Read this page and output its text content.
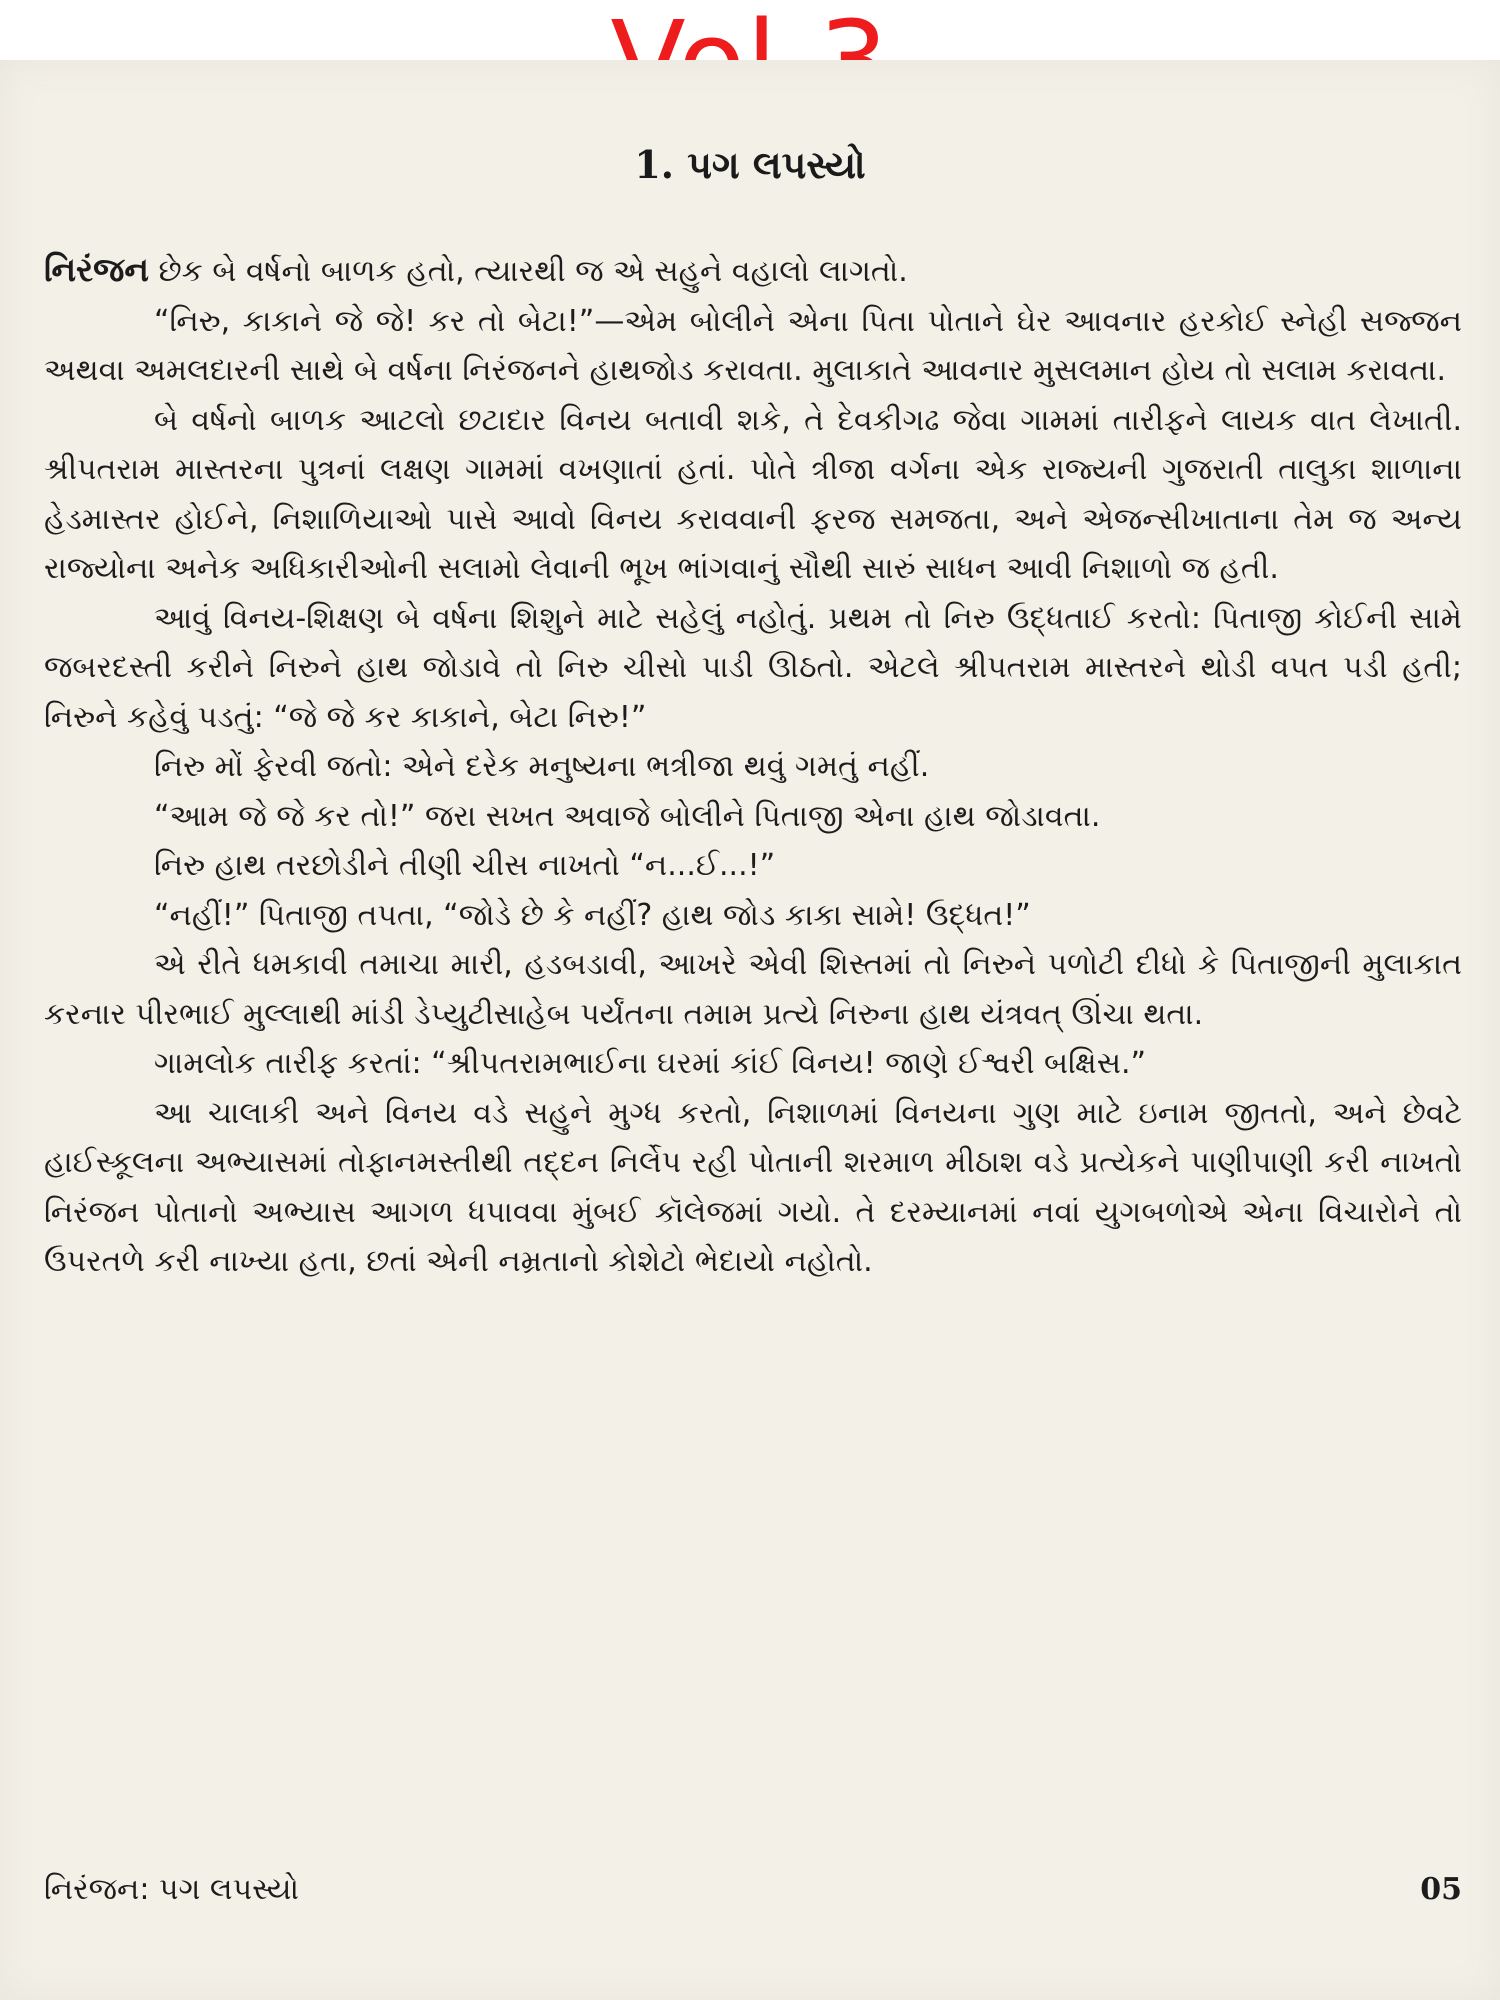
1. પગ લપસ્યો

નિરંજન છેક બે વર્ષનો બાળક હતો, ત્યારથી જ એ સહુને વહાલો લાગતો.

“નિરુ, કાકાને જે જે! કર તો બેટા!”—એમ બોલીને એના પિતા પોતાને ઘેર આવનાર હરકોઈ સ્નેહી સજ્જન અથવા અમલદારની સાથે બે વર્ષના નિરંજનને હાથજોડ કરાવતા. મુલાકાતે આવનાર મુસલમાન હોય તો સલામ કરાવતા.

બે વર્ષનો બાળક આટલો છટાદાર વિનય બતાવી શકે, તે દેવકીગઢ જેવા ગામમાં તારીફને લાયક વાત લેખાતી. શ્રીપતરામ માસ્તરના પુત્રનાં લક્ષણ ગામમાં વખણાતાં હતાં. પોતે ત્રીજા વર્ગના એક રાજ્યની ગુજરાતી તાલુકા શાળાના હેડમાસ્તર હોઈને, નિશાળિયાઓ પાસે આવો વિનય કરાવવાની ફરજ સમજતા, અને એજન્સીખાતાના તેમ જ અન્ય રાજ્યોના અનેક અધિકારીઓની સલામો લેવાની ભૂખ ભાંગવાનું સૌથી સારું સાધન આવી નિશાળો જ હતી.

આવું વિનય-શિક્ષણ બે વર્ષના શિશુને માટે સહેલું નહોતું. પ્રથમ તો નિરુ ઉદ્ધતાઈ કરતો: પિતાજી કોઈની સામે જબરદસ્તી કરીને નિરુને હાથ જોડાવે તો નિરુ ચીસો પાડી ઊઠતો. એટલે શ્રીપતરામ માસ્તરને થોડી વપત પડી હતી; નિરુને કહેવું પડતું: “જે જે કર કાકાને, બેટા નિરુ!”

નિરુ મોં ફેરવી જતો: એને દરેક મનુષ્યના ભત્રીજા થવું ગમતું નહીં.

“આમ જે જે કર તો!” જરા સખત અવાજે બોલીને પિતાજી એના હાથ જોડાવતા.

નિરુ હાથ તરછોડીને તીણી ચીસ નાખતો “ન...ઈ...!”

“નહીં!” પિતાજી તપતા, “જોડે છે કે નહીં? હાથ જોડ કાકા સામે! ઉદ્ધત!”

એ રીતે ધમકાવી તમાચા મારી, હડબડાવી, આખરે એવી શિસ્તમાં તો નિરુને પળોટી દીધો કે પિતાજીની મુલાકાત કરનાર પીરભાઈ મુલ્લાથી માંડી ડેપ્યુટીસાહેબ પર્યંતના તમામ પ્રત્યે નિરુના હાથ યંત્રવત્ ઊંચા થતા.

ગામલોક તારીફ કરતાં: “શ્રીપતરામભાઈના ઘરમાં કાંઈ વિનય! જાણે ઈશ્વરી બક્ષિસ.”

આ ચાલાકી અને વિનય વડે સહુને મુગ્ધ કરતો, નિશાળમાં વિનયના ગુણ માટે ઇનામ જીતતો, અને છેવટે હાઈસ્કૂલના અભ્યાસમાં તોફાનમસ્તીથી તદ્દન નિર્લેપ રહી પોતાની શરમાળ મીઠાશ વડે પ્રત્યેકને પાણીપાણી કરી નાખતો નિરંજન પોતાનો અભ્યાસ આગળ ધપાવવા મુંબઈ કૉલેજમાં ગયો. તે દરમ્યાનમાં નવાં યુગબળોએ એના વિચારોને તો ઉપરતળે કરી નાખ્યા હતા, છતાં એની નમ્રતાનો કોશેટો ભેદાયો નહોતો.

નિરંજન: પગ લપસ્યો	05
